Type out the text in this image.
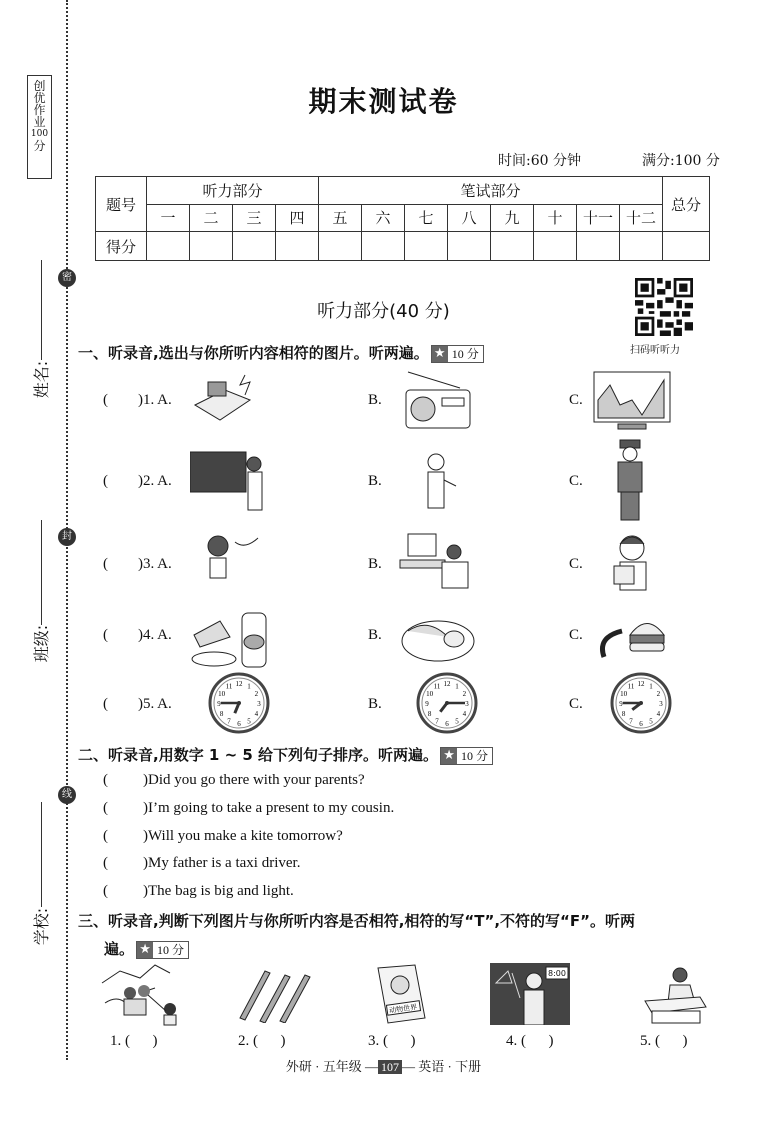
创
优
作
业
100
分
密
封
线
姓名:
班级:
学校:
期末测试卷
时间:60 分钟	满分:100 分
题号	听力部分				笔试部分								总分
	一	二	三	四	五	六	七	八	九	十	十一	十二	
得分													
听力部分(40 分)
扫码听听力
一、听录音,选出与你所听内容相符的图片。听两遍。 ★ 10 分
( )1. A.	B.	C.
( )2. A.	B.	C.
( )3. A.	B.	C.
( )4. A.	B.	C.
( )5. A.	B.	C.
1
2
3
4
5
6
7
8
9
10
11 12	1
2
3
4
5
6
7
8
9
10
11 12	1
2
3
4
5
6
7
8
9
10
11 12
二、听录音,用数字 1 ~ 5 给下列句子排序。听两遍。 ★ 10 分
( )Did you go there with your parents?
( )I’m going to take a present to my cousin.
( )Will you make a kite tomorrow?
( )My father is a taxi driver.
( )The bag is big and light.
三、听录音,判断下列图片与你所听内容是否相符,相符的写“T”,不符的写“F”。听两
遍。 ★ 10 分
动物世界
8:00
1. (      )	2. (      )	3. (      )	4. (      )	5. (      )
外研 · 五年级 — 107 — 英语 · 下册
